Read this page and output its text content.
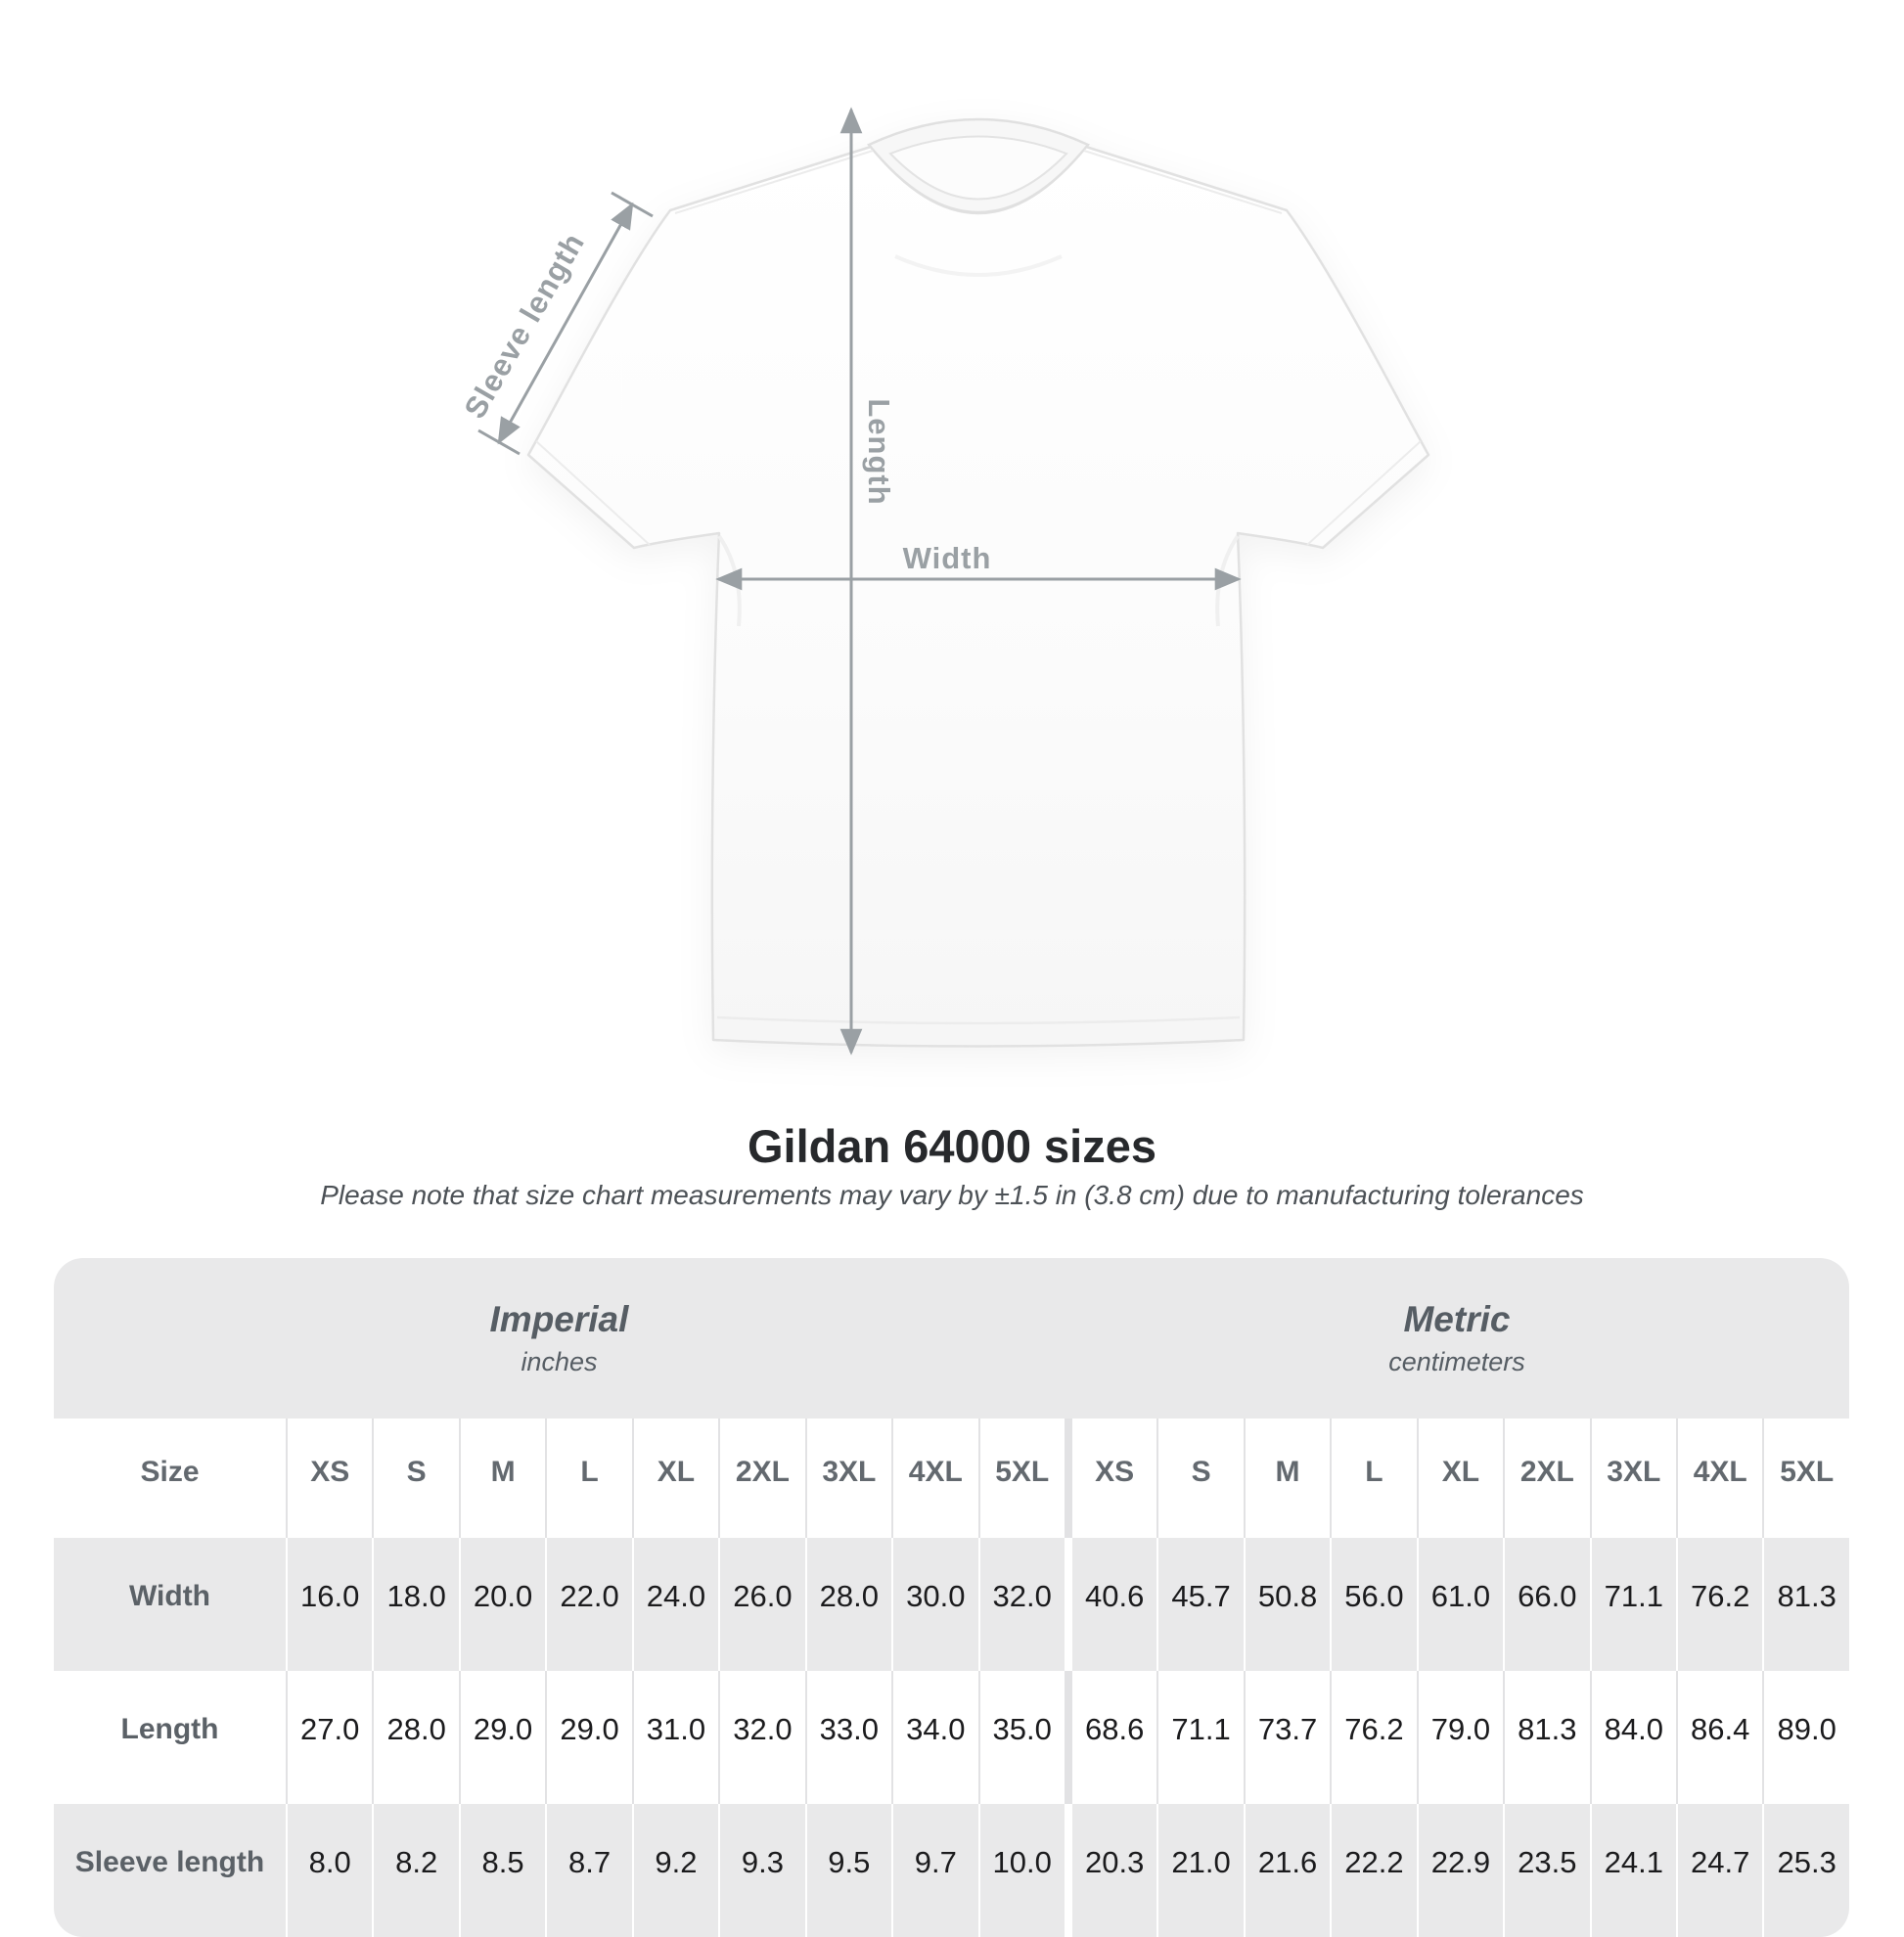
Width
Length
Sleeve length
Gildan 64000 sizes

Please note that size chart measurements may vary by ±1.5 in (3.8 cm) due to manufacturing tolerances

Imperial
inches

Metric
centimeters

Size	XS	S	M	L	XL	2XL	3XL	4XL	5XL		XS	S	M	L	XL	2XL	3XL	4XL	5XL
Width	16.0	18.0	20.0	22.0	24.0	26.0	28.0	30.0	32.0		40.6	45.7	50.8	56.0	61.0	66.0	71.1	76.2	81.3
Length	27.0	28.0	29.0	29.0	31.0	32.0	33.0	34.0	35.0		68.6	71.1	73.7	76.2	79.0	81.3	84.0	86.4	89.0
Sleeve length	8.0	8.2	8.5	8.7	9.2	9.3	9.5	9.7	10.0		20.3	21.0	21.6	22.2	22.9	23.5	24.1	24.7	25.3
